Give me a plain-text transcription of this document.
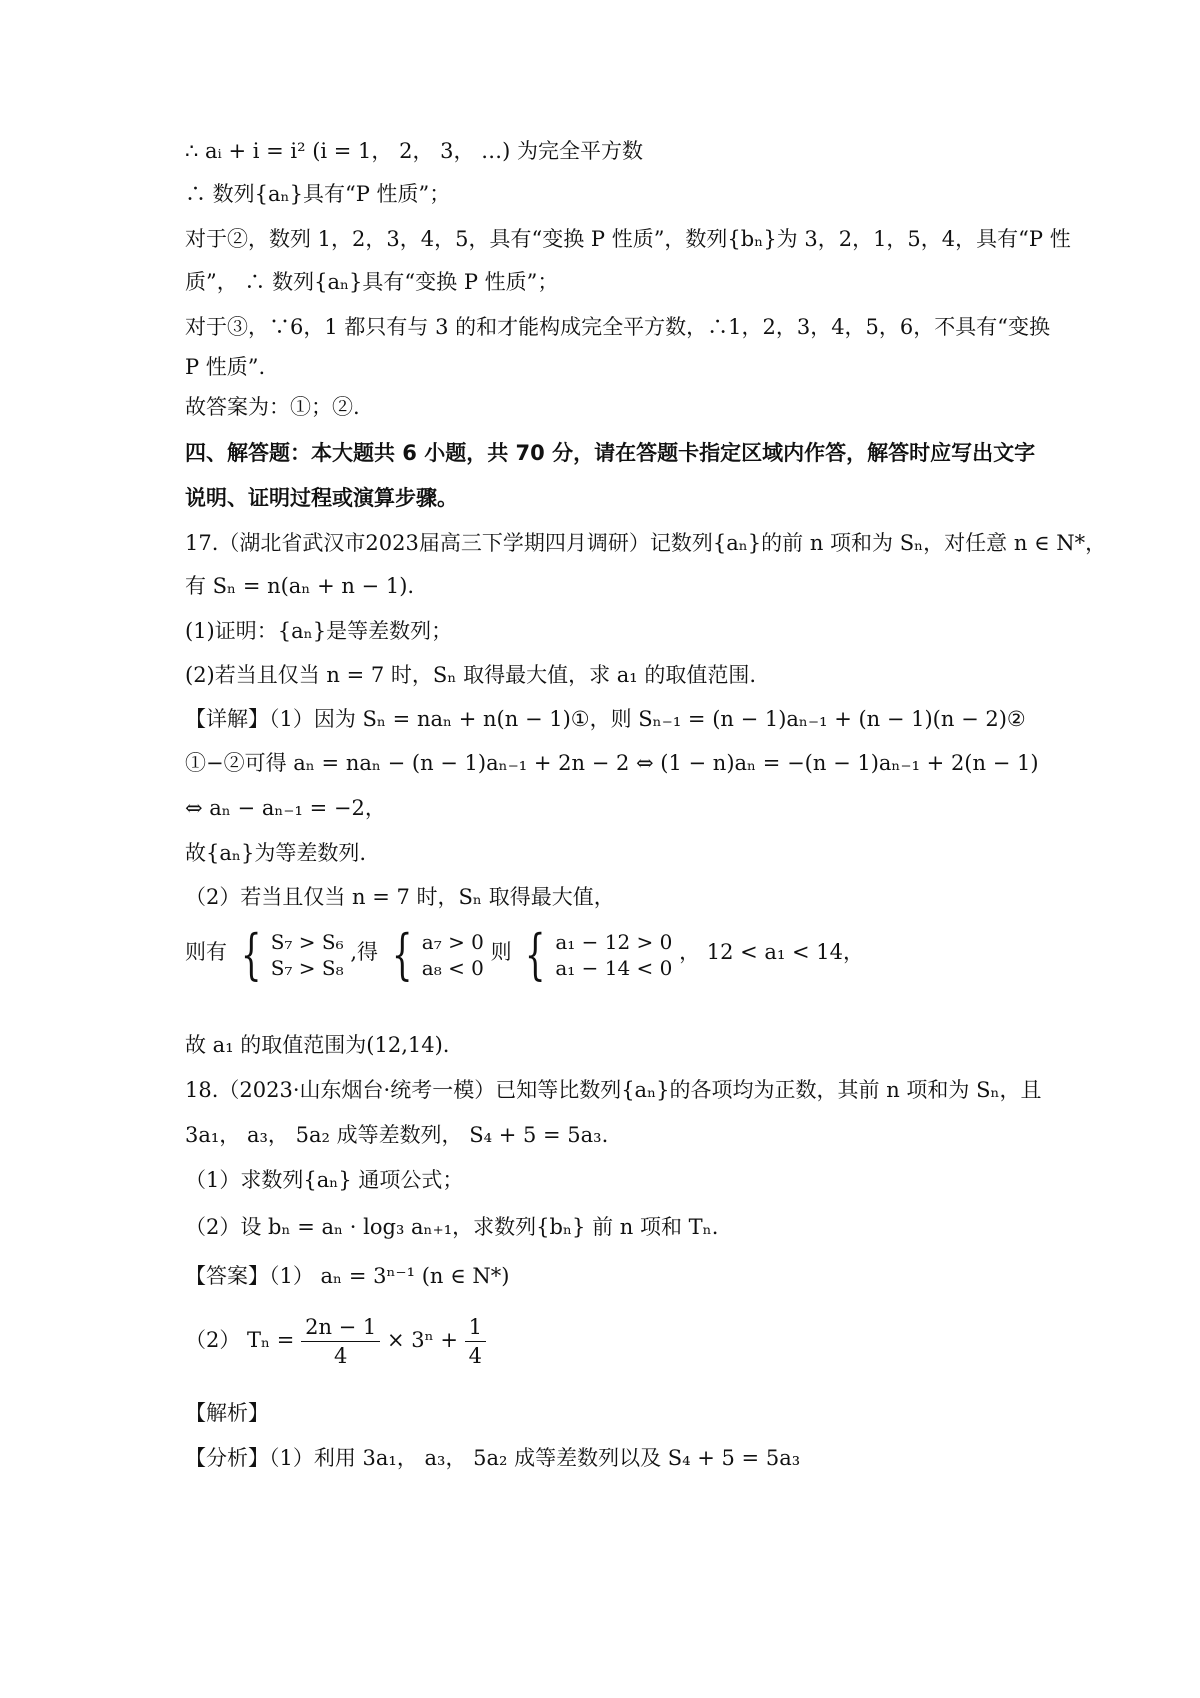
∴ aᵢ + i = i² (i = 1， 2， 3， …) 为完全平方数
∴ 数列{aₙ}具有“P 性质”；
对于②，数列 1，2，3，4，5，具有“变换 P 性质”，数列{bₙ}为 3，2，1，5，4，具有“P 性
质”， ∴ 数列{aₙ}具有“变换 P 性质”；
对于③，∵6，1 都只有与 3 的和才能构成完全平方数，∴1，2，3，4，5，6，不具有“变换
P 性质”.
故答案为：①；②.
四、解答题：本大题共 6 小题，共 70 分，请在答题卡指定区域内作答，解答时应写出文字
说明、证明过程或演算步骤。
17.（湖北省武汉市2023届高三下学期四月调研）记数列{aₙ}的前 n 项和为 Sₙ，对任意 n ∈ N*，
有 Sₙ = n(aₙ + n − 1).
(1)证明：{aₙ}是等差数列；
(2)若当且仅当 n = 7 时，Sₙ 取得最大值，求 a₁ 的取值范围.
【详解】（1）因为 Sₙ = naₙ + n(n − 1)①，则 Sₙ₋₁ = (n − 1)aₙ₋₁ + (n − 1)(n − 2)②
①−②可得 aₙ = naₙ − (n − 1)aₙ₋₁ + 2n − 2 ⇔ (1 − n)aₙ = −(n − 1)aₙ₋₁ + 2(n − 1)
⇔ aₙ − aₙ₋₁ = −2，
故{aₙ}为等差数列.
（2）若当且仅当 n = 7 时，Sₙ 取得最大值，
则有 { S₇ > S₆
S₇ > S₈
,得 { a₇ > 0
a₈ < 0
则 { a₁ − 12 > 0
a₁ − 14 < 0
， 12 < a₁ < 14，
故 a₁ 的取值范围为(12,14).
18.（2023·山东烟台·统考一模）已知等比数列{aₙ}的各项均为正数，其前 n 项和为 Sₙ，且
3a₁， a₃， 5a₂ 成等差数列， S₄ + 5 = 5a₃.
（1）求数列{aₙ} 通项公式；
（2）设 bₙ = aₙ · log₃ aₙ₊₁，求数列{bₙ} 前 n 项和 Tₙ.
【答案】（1） aₙ = 3ⁿ⁻¹ (n ∈ N*)
（2） $T_n = \frac{2n - 1}{4} \times 3^n + \frac{1}{4}$
【解析】
【分析】（1）利用 3a₁， a₃， 5a₂ 成等差数列以及 S₄ + 5 = 5a₃
